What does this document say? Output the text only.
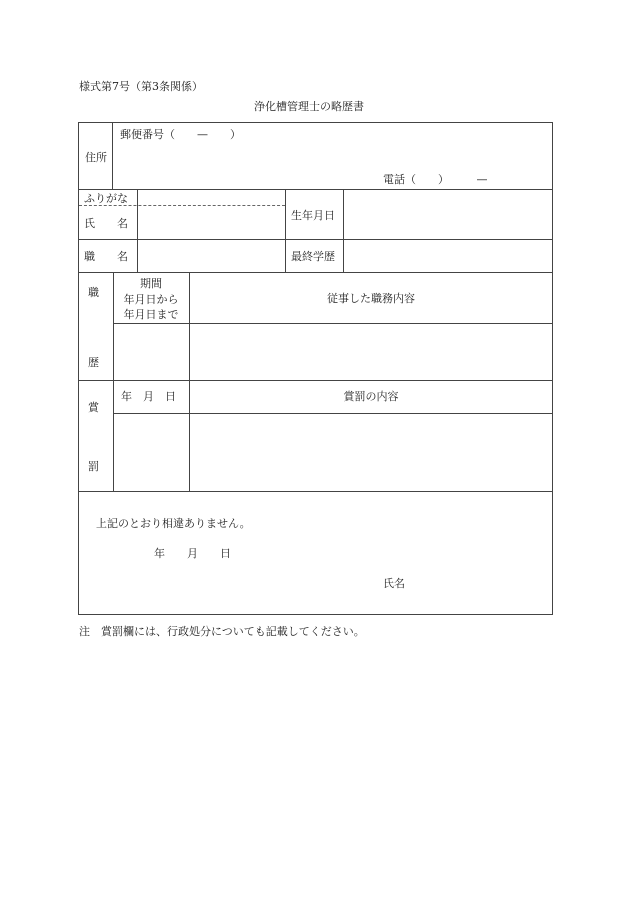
様式第7号（第3条関係）
浄化槽管理士の略歴書
住所
郵便番号（　　—　　）
電話（　　）　　　—
ふりがな
氏　　名
生年月日
職　　名	最終学歴
職
歴
期間
年月日から
年月日まで
従事した職務内容
賞
罰
年　月　日	賞罰の内容
上記のとおり相違ありません。
年　　月　　日
氏名
注　賞罰欄には、行政処分についても記載してください。
